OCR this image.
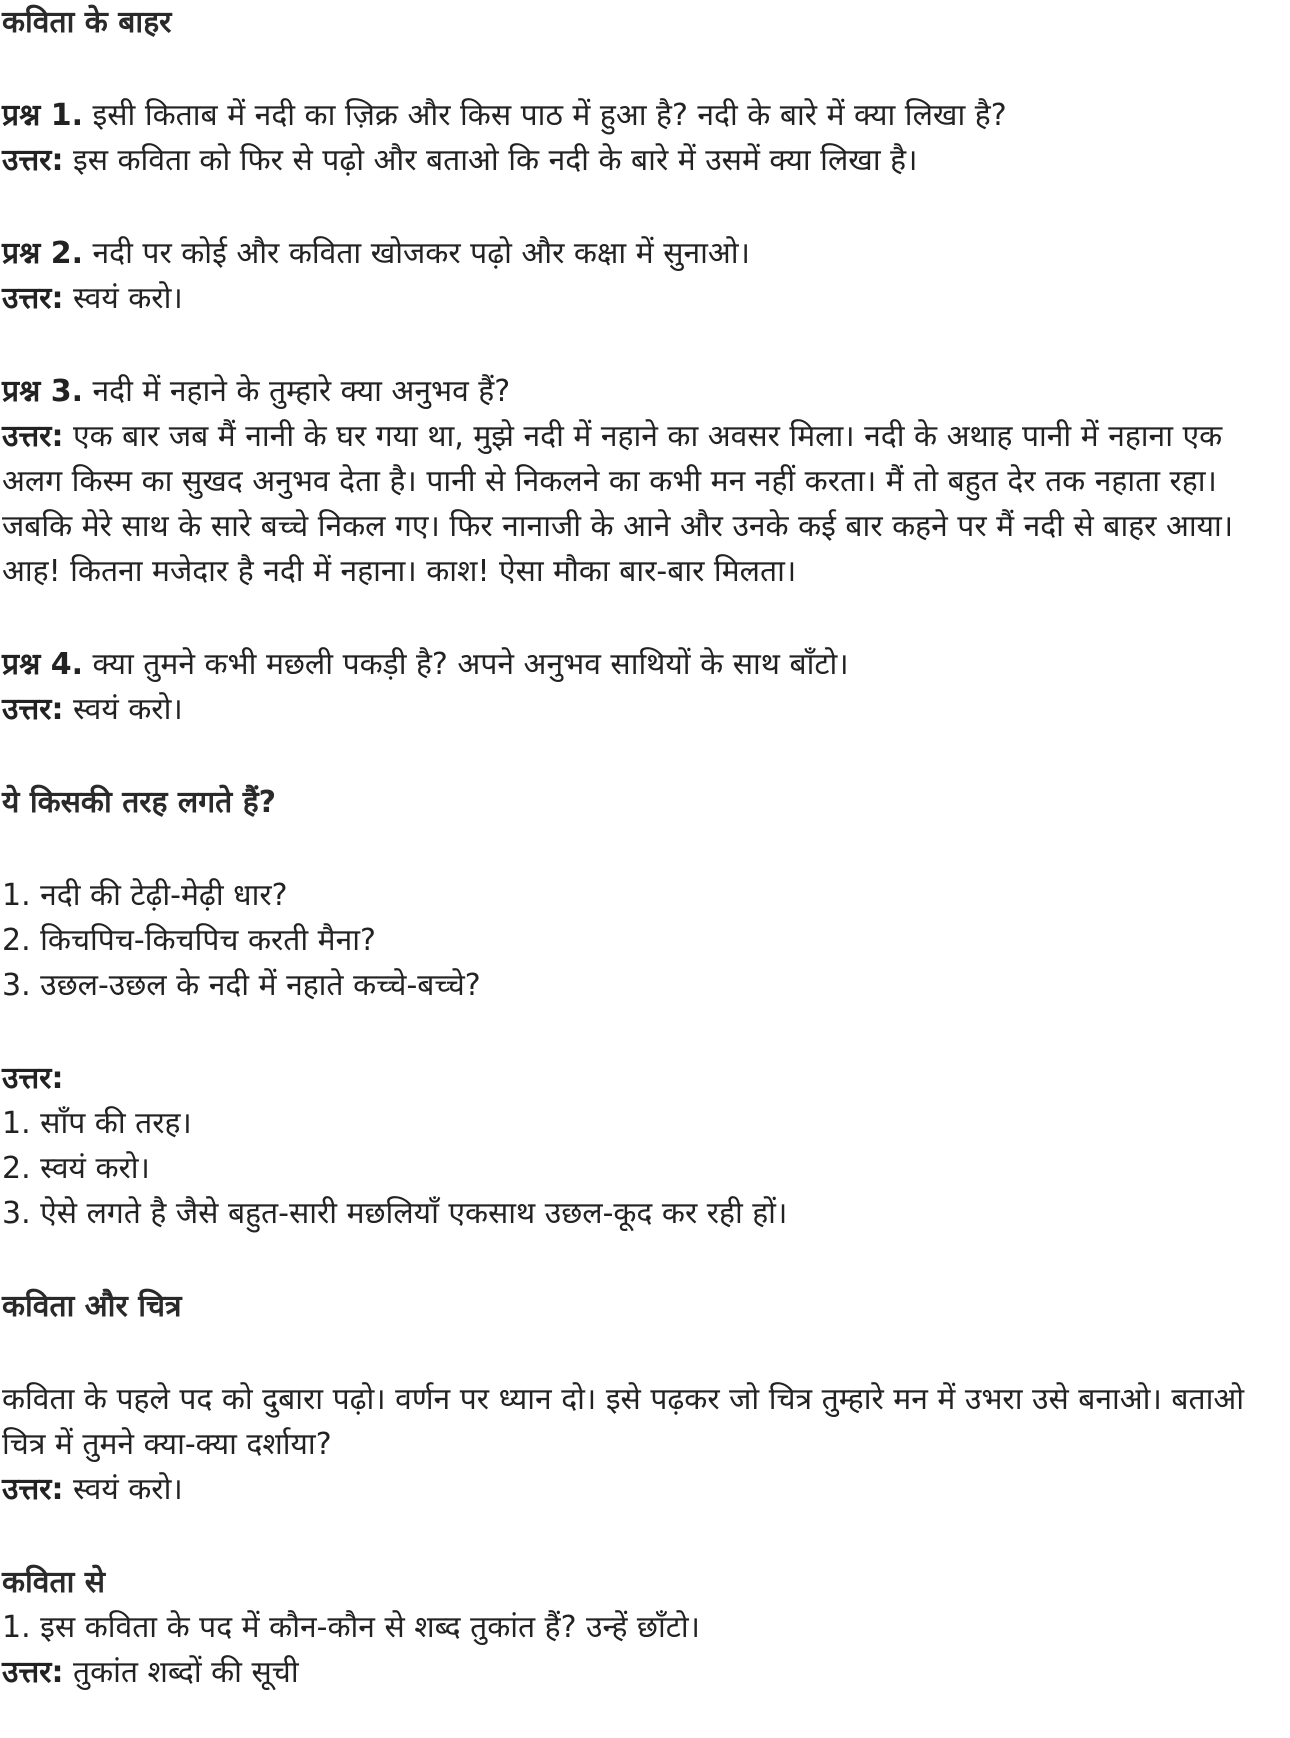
कविता के बाहर

प्रश्न 1. इसी किताब में नदी का ज़िक्र और किस पाठ में हुआ है? नदी के बारे में क्या लिखा है?

उत्तर: इस कविता को फिर से पढ़ो और बताओ कि नदी के बारे में उसमें क्या लिखा है।

प्रश्न 2. नदी पर कोई और कविता खोजकर पढ़ो और कक्षा में सुनाओ।

उत्तर: स्वयं करो।

प्रश्न 3. नदी में नहाने के तुम्हारे क्या अनुभव हैं?

उत्तर: एक बार जब मैं नानी के घर गया था, मुझे नदी में नहाने का अवसर मिला। नदी के अथाह पानी में नहाना एक अलग किस्म का सुखद अनुभव देता है। पानी से निकलने का कभी मन नहीं करता। मैं तो बहुत देर तक नहाता रहा। जबकि मेरे साथ के सारे बच्चे निकल गए। फिर नानाजी के आने और उनके कई बार कहने पर मैं नदी से बाहर आया। आह! कितना मजेदार है नदी में नहाना। काश! ऐसा मौका बार-बार मिलता।

प्रश्न 4. क्या तुमने कभी मछली पकड़ी है? अपने अनुभव साथियों के साथ बाँटो।

उत्तर: स्वयं करो।

ये किसकी तरह लगते हैं?

1. नदी की टेढ़ी-मेढ़ी धार?

2. किचपिच-किचपिच करती मैना?

3. उछल-उछल के नदी में नहाते कच्चे-बच्चे?

उत्तर:

1. साँप की तरह।

2. स्वयं करो।

3. ऐसे लगते है जैसे बहुत-सारी मछलियाँ एकसाथ उछल-कूद कर रही हों।

कविता और चित्र

कविता के पहले पद को दुबारा पढ़ो। वर्णन पर ध्यान दो। इसे पढ़कर जो चित्र तुम्हारे मन में उभरा उसे बनाओ। बताओ चित्र में तुमने क्या-क्या दर्शाया?

उत्तर: स्वयं करो।

कविता से

1. इस कविता के पद में कौन-कौन से शब्द तुकांत हैं? उन्हें छाँटो।

उत्तर: तुकांत शब्दों की सूची
